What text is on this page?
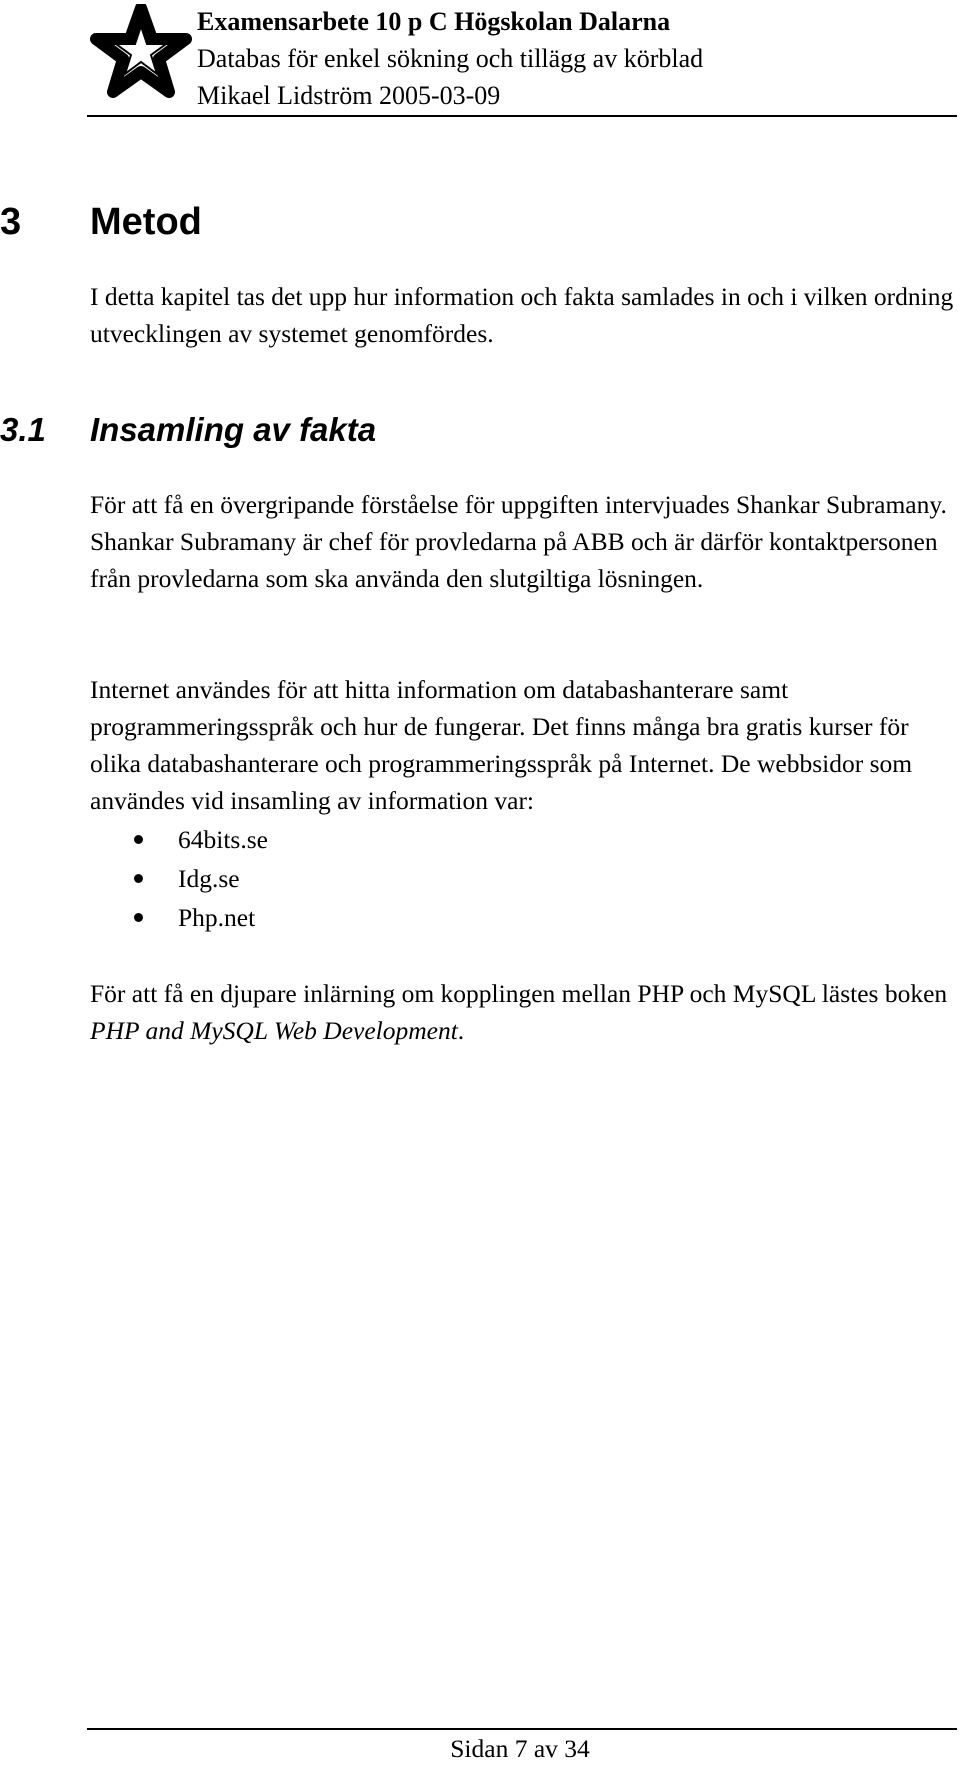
Examensarbete 10 p C Högskolan Dalarna
Databas för enkel sökning och tillägg av körblad
Mikael Lidström 2005-03-09
3 Metod

I detta kapitel tas det upp hur information och fakta samlades in och i vilken ordning utvecklingen av systemet genomfördes.

3.1 Insamling av fakta

För att få en övergripande förståelse för uppgiften intervjuades Shankar Subramany. Shankar Subramany är chef för provledarna på ABB och är därför kontaktpersonen från provledarna som ska använda den slutgiltiga lösningen.

Internet användes för att hitta information om databashanterare samt programmeringsspråk och hur de fungerar. Det finns många bra gratis kurser för olika databashanterare och programmeringsspråk på Internet. De webbsidor som användes vid insamling av information var:

64bits.se
Idg.se
Php.net

För att få en djupare inlärning om kopplingen mellan PHP och MySQL lästes boken PHP and MySQL Web Development.

Sidan 7 av 34
